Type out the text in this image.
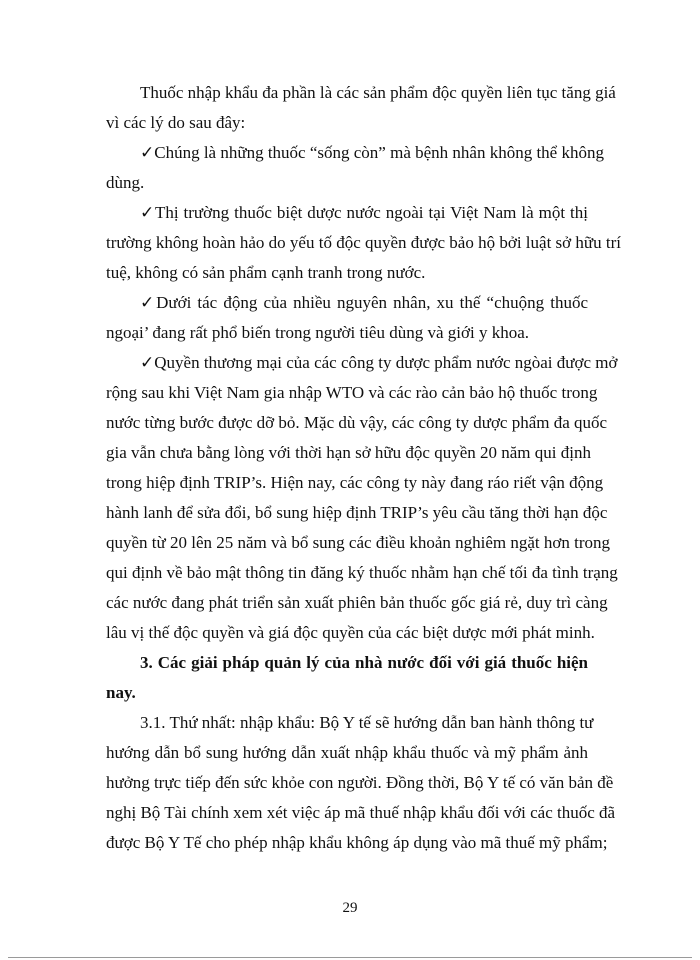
Thuốc nhập khẩu đa phần là các sản phẩm độc quyền liên tục tăng giá
vì các lý do sau đây:
✓Chúng là những thuốc “sống còn” mà bệnh nhân không thể không
dùng.
✓Thị trường thuốc biệt dược nước ngoài tại Việt Nam là một thị
trường không hoàn hảo do yếu tố độc quyền được bảo hộ bởi luật sở hữu trí
tuệ, không có sản phẩm cạnh tranh trong nước.
✓Dưới tác động của nhiều nguyên nhân, xu thế “chuộng thuốc
ngoại’ đang rất phổ biến trong người tiêu dùng và giới y khoa.
✓Quyền thương mại của các công ty dược phẩm nước ngòai được mở
rộng sau khi Việt Nam gia nhập WTO và các rào cản bảo hộ thuốc trong
nước từng bước được dỡ bỏ. Mặc dù vậy, các công ty dược phẩm đa quốc
gia vẫn chưa bằng lòng với thời hạn sở hữu độc quyền 20 năm qui định
trong hiệp định TRIP’s. Hiện nay, các công ty này đang ráo riết vận động
hành lanh để sửa đổi, bổ sung hiệp định TRIP’s yêu cầu tăng thời hạn độc
quyền từ 20 lên 25 năm và bổ sung các điều khoản nghiêm ngặt hơn trong
qui định về bảo mật thông tin đăng ký thuốc nhằm hạn chế tối đa tình trạng
các nước đang phát triển sản xuất phiên bản thuốc gốc giá rẻ, duy trì càng
lâu vị thế độc quyền và giá độc quyền của các biệt dược mới phát minh.
3. Các giải pháp quản lý của nhà nước đối với giá thuốc hiện
nay.
3.1. Thứ nhất: nhập khẩu: Bộ Y tế sẽ hướng dẫn ban hành thông tư
hướng dẫn bổ sung hướng dẫn xuất nhập khẩu thuốc và mỹ phẩm ảnh
hưởng trực tiếp đến sức khỏe con người. Đồng thời, Bộ Y tế có văn bản đề
nghị Bộ Tài chính xem xét việc áp mã thuế nhập khẩu đối với các thuốc đã
được Bộ Y Tế cho phép nhập khẩu không áp dụng vào mã thuế mỹ phẩm;
29
